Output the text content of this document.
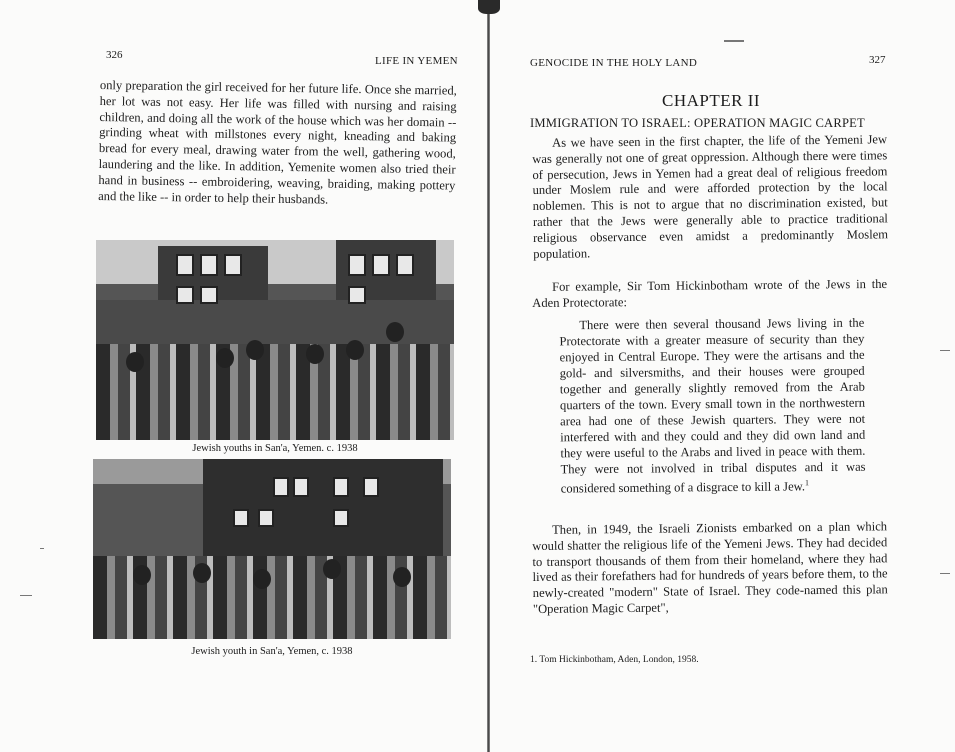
326	LIFE IN YEMEN
only preparation the girl received for her future life. Once she married, her lot was not easy. Her life was filled with nursing and raising children, and doing all the work of the house which was her domain -- grinding wheat with millstones every night, kneading and baking bread for every meal, drawing water from the well, gathering wood, laundering and the like. In addition, Yemenite women also tried their hand in business -- embroidering, weaving, braiding, making pottery and the like -- in order to help their husbands.
Jewish youths in San'a, Yemen. c. 1938
Jewish youth in San'a, Yemen, c. 1938
GENOCIDE IN THE HOLY LAND	327
CHAPTER II
IMMIGRATION TO ISRAEL: OPERATION MAGIC CARPET
As we have seen in the first chapter, the life of the Yemeni Jew was generally not one of great oppression. Although there were times of persecution, Jews in Yemen had a great deal of religious freedom under Moslem rule and were afforded protection by the local noblemen. This is not to argue that no discrimination existed, but rather that the Jews were generally able to practice traditional religious observance even amidst a predominantly Moslem population.
For example, Sir Tom Hickinbotham wrote of the Jews in the Aden Protectorate:
There were then several thousand Jews living in the Protectorate with a greater measure of security than they enjoyed in Central Europe. They were the artisans and the gold- and silversmiths, and their houses were grouped together and generally slightly removed from the Arab quarters of the town. Every small town in the northwestern area had one of these Jewish quarters. They were not interfered with and they could and they did own land and they were useful to the Arabs and lived in peace with them. They were not involved in tribal disputes and it was considered something of a disgrace to kill a Jew.$^1$
Then, in 1949, the Israeli Zionists embarked on a plan which would shatter the religious life of the Yemeni Jews. They had decided to transport thousands of them from their homeland, where they had lived as their forefathers had for hundreds of years before them, to the newly-created "modern" State of Israel. They code-named this plan "Operation Magic Carpet",
1. Tom Hickinbotham, Aden, London, 1958.
